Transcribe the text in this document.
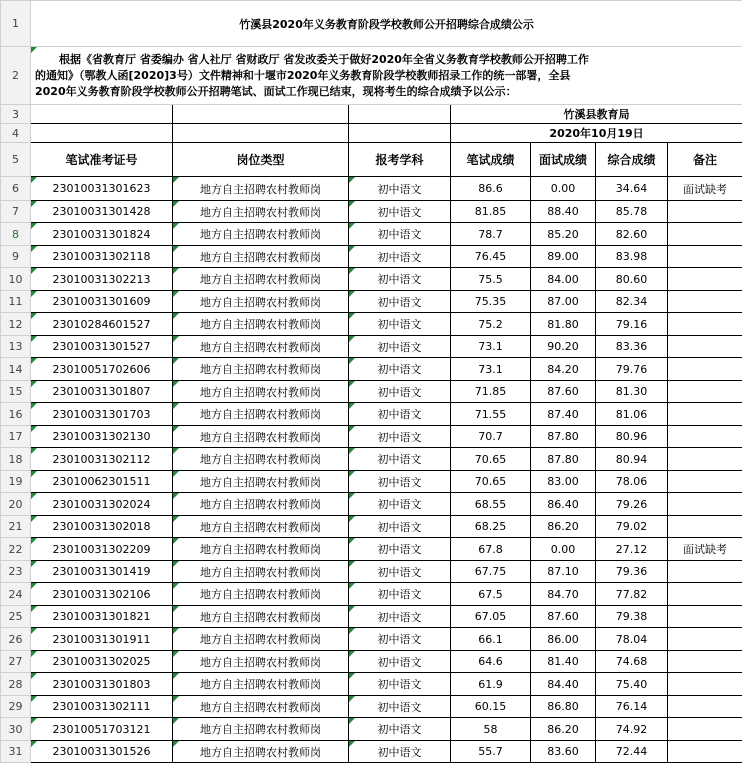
1	竹溪县2020年义务教育阶段学校教师公开招聘综合成绩公示						
2	根据《省教育厅 省委编办 省人社厅 省财政厅 省发改委关于做好2020年全省义务教育学校教师公开招聘工作
的通知》（鄂教人函[2020]3号）文件精神和十堰市2020年义务教育阶段学校教师招录工作的统一部署，全县
2020年义务教育阶段学校教师公开招聘笔试、面试工作现已结束，现将考生的综合成绩予以公示：						

3				竹溪县教育局			
4				2020年10月19日			
5	笔试准考证号	岗位类型	报考学科	笔试成绩	面试成绩	综合成绩	备注
6	23010031301623	地方自主招聘农村教师岗	初中语文	86.6	0.00	34.64	面试缺考
7	23010031301428	地方自主招聘农村教师岗	初中语文	81.85	88.40	85.78	
8	23010031301824	地方自主招聘农村教师岗	初中语文	78.7	85.20	82.60	
9	23010031302118	地方自主招聘农村教师岗	初中语文	76.45	89.00	83.98	
10	23010031302213	地方自主招聘农村教师岗	初中语文	75.5	84.00	80.60	
11	23010031301609	地方自主招聘农村教师岗	初中语文	75.35	87.00	82.34	
12	23010284601527	地方自主招聘农村教师岗	初中语文	75.2	81.80	79.16	
13	23010031301527	地方自主招聘农村教师岗	初中语文	73.1	90.20	83.36	
14	23010051702606	地方自主招聘农村教师岗	初中语文	73.1	84.20	79.76	
15	23010031301807	地方自主招聘农村教师岗	初中语文	71.85	87.60	81.30	
16	23010031301703	地方自主招聘农村教师岗	初中语文	71.55	87.40	81.06	
17	23010031302130	地方自主招聘农村教师岗	初中语文	70.7	87.80	80.96	
18	23010031302112	地方自主招聘农村教师岗	初中语文	70.65	87.80	80.94	
19	23010062301511	地方自主招聘农村教师岗	初中语文	70.65	83.00	78.06	
20	23010031302024	地方自主招聘农村教师岗	初中语文	68.55	86.40	79.26	
21	23010031302018	地方自主招聘农村教师岗	初中语文	68.25	86.20	79.02	
22	23010031302209	地方自主招聘农村教师岗	初中语文	67.8	0.00	27.12	面试缺考
23	23010031301419	地方自主招聘农村教师岗	初中语文	67.75	87.10	79.36	
24	23010031302106	地方自主招聘农村教师岗	初中语文	67.5	84.70	77.82	
25	23010031301821	地方自主招聘农村教师岗	初中语文	67.05	87.60	79.38	
26	23010031301911	地方自主招聘农村教师岗	初中语文	66.1	86.00	78.04	
27	23010031302025	地方自主招聘农村教师岗	初中语文	64.6	81.40	74.68	
28	23010031301803	地方自主招聘农村教师岗	初中语文	61.9	84.40	75.40	
29	23010031302111	地方自主招聘农村教师岗	初中语文	60.15	86.80	76.14	
30	23010051703121	地方自主招聘农村教师岗	初中语文	58	86.20	74.92	
31	23010031301526	地方自主招聘农村教师岗	初中语文	55.7	83.60	72.44	
